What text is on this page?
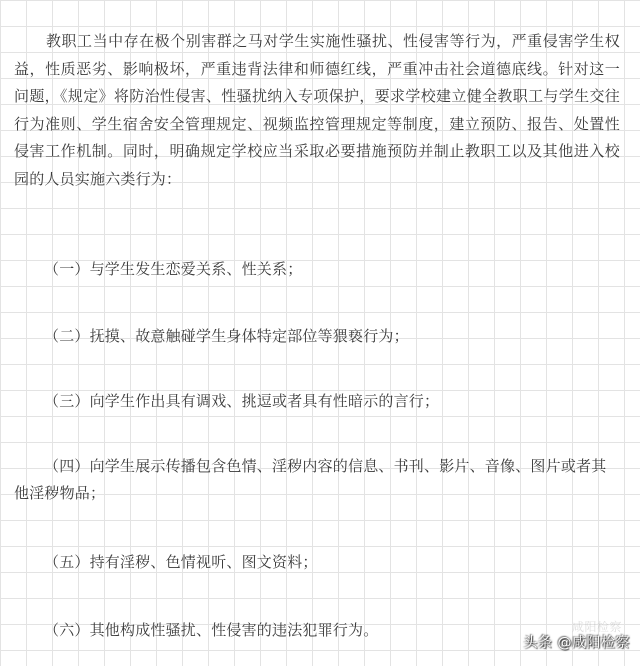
教职工当中存在极个别害群之马对学生实施性骚扰、性侵害等行为，严重侵害学生权益，性质恶劣、影响极坏，严重违背法律和师德红线，严重冲击社会道德底线。针对这一问题，《规定》将防治性侵害、性骚扰纳入专项保护，要求学校建立健全教职工与学生交往行为准则、学生宿舍安全管理规定、视频监控管理规定等制度，建立预防、报告、处置性侵害工作机制。同时，明确规定学校应当采取必要措施预防并制止教职工以及其他进入校园的人员实施六类行为：

（一）与学生发生恋爱关系、性关系；

（二）抚摸、故意触碰学生身体特定部位等猥亵行为；

（三）向学生作出具有调戏、挑逗或者具有性暗示的言行；

（四）向学生展示传播包含色情、淫秽内容的信息、书刊、影片、音像、图片或者其他淫秽物品；

（五）持有淫秽、色情视听、图文资料；

（六）其他构成性骚扰、性侵害的违法犯罪行为。	咸阳检察
头条 @咸阳检察
